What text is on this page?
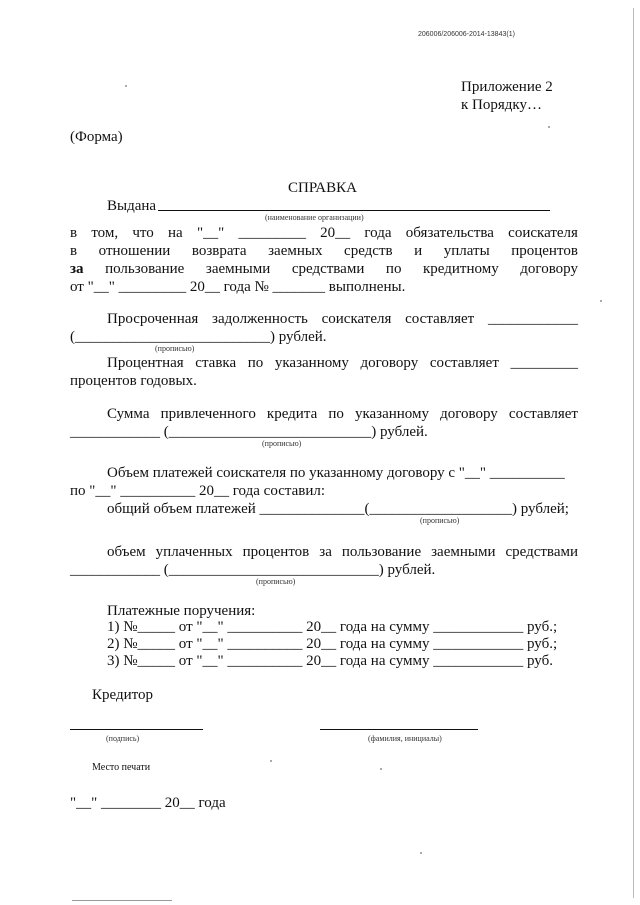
206006/206006-2014-13843(1)
Приложение 2
к Порядку…
(Форма)
СПРАВКА
Выдана
(наименование организации)
в том, что на "__" _________ 20__ года обязательства соискателя
в отношении возврата заемных средств и уплаты процентов
за пользование заемными средствами по кредитному договору
от "__" _________ 20__ года № _______ выполнены.
Просроченная задолженность соискателя составляет ____________
(__________________________) рублей.
(прописью)
Процентная ставка по указанному договору составляет _________
процентов годовых.
Сумма привлеченного кредита по указанному договору составляет
____________ (___________________________) рублей.
(прописью)
Объем платежей соискателя по указанному договору с "__" __________
по "__" __________ 20__ года составил:
общий объем платежей ______________(___________________) рублей;
(прописью)
объем уплаченных процентов за пользование заемными средствами
____________ (____________________________) рублей.
(прописью)
Платежные поручения:
1) №_____ от "__" __________ 20__ года на сумму ____________ руб.;
2) №_____ от "__" __________ 20__ года на сумму ____________ руб.;
3) №_____ от "__" __________ 20__ года на сумму ____________ руб.
Кредитор
(подпись)	(фамилия, инициалы)
Место печати
"__" ________ 20__ года
